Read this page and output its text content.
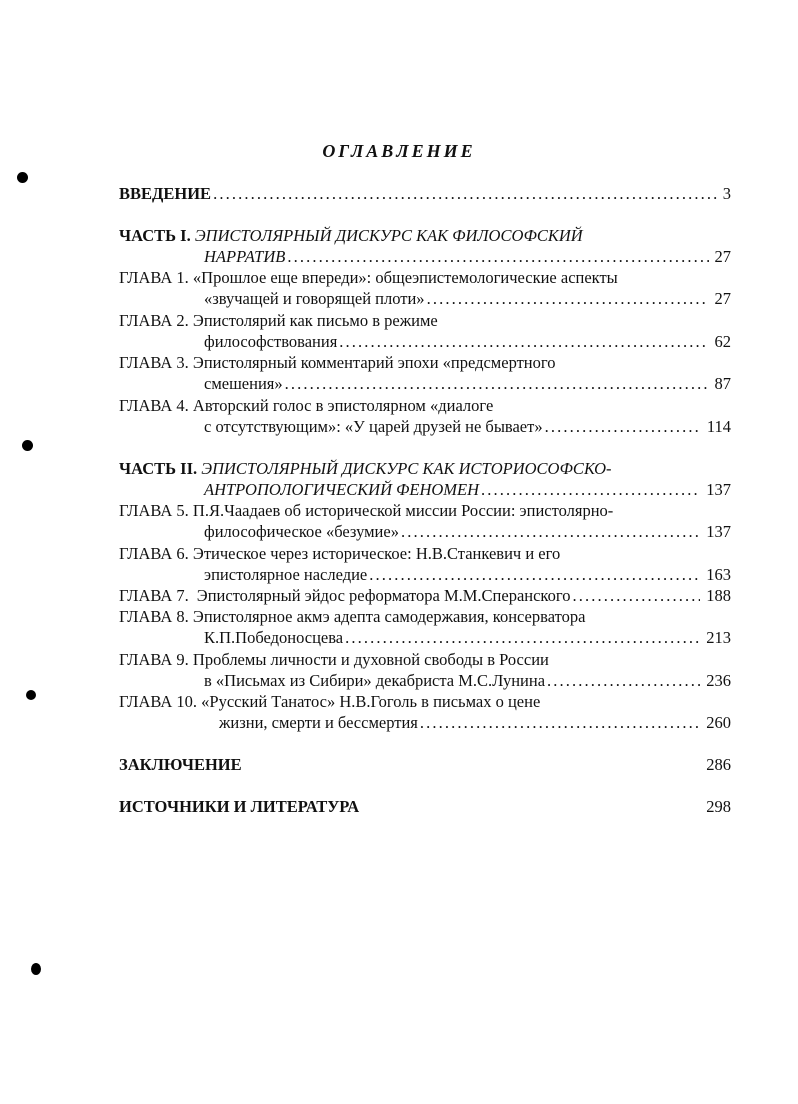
ОГЛАВЛЕНИЕ
ВВЕДЕНИЕ . . .	3
ЧАСТЬ I. ЭПИСТОЛЯРНЫЙ ДИСКУРС КАК ФИЛОСОФСКИЙ
НАРРАТИВ . . .	27
ГЛАВА 1. «Прошлое еще впереди»: общеэпистемологические аспекты
«звучащей и говорящей плоти» . . .	27
ГЛАВА 2. Эпистолярий как письмо в режиме
философствования . . .	62
ГЛАВА 3. Эпистолярный комментарий эпохи «предсмертного
смешения» . . .	87
ГЛАВА 4. Авторский голос в эпистолярном «диалоге
с отсутствующим»: «У царей друзей не бывает» . . .	114
ЧАСТЬ II. ЭПИСТОЛЯРНЫЙ ДИСКУРС КАК ИСТОРИОСОФСКО-
АНТРОПОЛОГИЧЕСКИЙ ФЕНОМЕН . . .	137
ГЛАВА 5. П.Я.Чаадаев об исторической миссии России: эпистолярно-
философическое «безумие» . . .	137
ГЛАВА 6. Этическое через историческое: Н.В.Станкевич и его
эпистолярное наследие . . .	163
ГЛАВА 7. Эпистолярный эйдос реформатора М.М.Сперанского . . .	188
ГЛАВА 8. Эпистолярное акмэ адепта самодержавия, консерватора
К.П.Победоносцева . . .	213
ГЛАВА 9. Проблемы личности и духовной свободы в России
в «Письмах из Сибири» декабриста М.С.Лунина . . .	236
ГЛАВА 10. «Русский Танатос» Н.В.Гоголь в письмах о цене
жизни, смерти и бессмертия . . .	260
ЗАКЛЮЧЕНИЕ	286
ИСТОЧНИКИ И ЛИТЕРАТУРА	298
